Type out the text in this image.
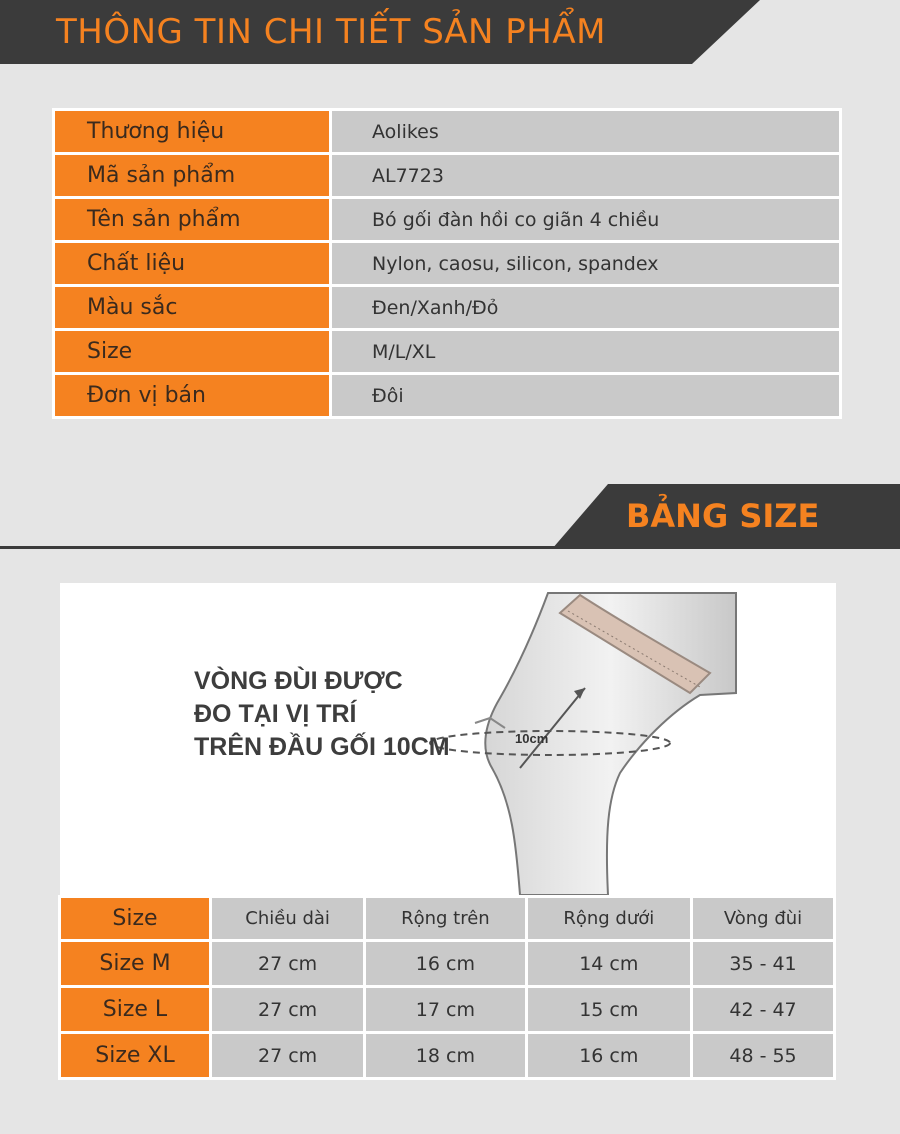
THÔNG TIN CHI TIẾT SẢN PHẨM
Thương hiệu	Aolikes
Mã sản phẩm	AL7723
Tên sản phẩm	Bó gối đàn hồi co giãn 4 chiều
Chất liệu	Nylon, caosu, silicon, spandex
Màu sắc	Đen/Xanh/Đỏ
Size	M/L/XL
Đơn vị bán	Đôi
BẢNG SIZE
10cm
VÒNG ĐÙI ĐƯỢC
ĐO TẠI VỊ TRÍ
TRÊN ĐẦU GỐI 10CM
Size	Chiều dài	Rộng trên	Rộng dưới	Vòng đùi
Size M	27 cm	16 cm	14 cm	35 - 41
Size L	27 cm	17 cm	15 cm	42 - 47
Size XL	27 cm	18 cm	16 cm	48 - 55
